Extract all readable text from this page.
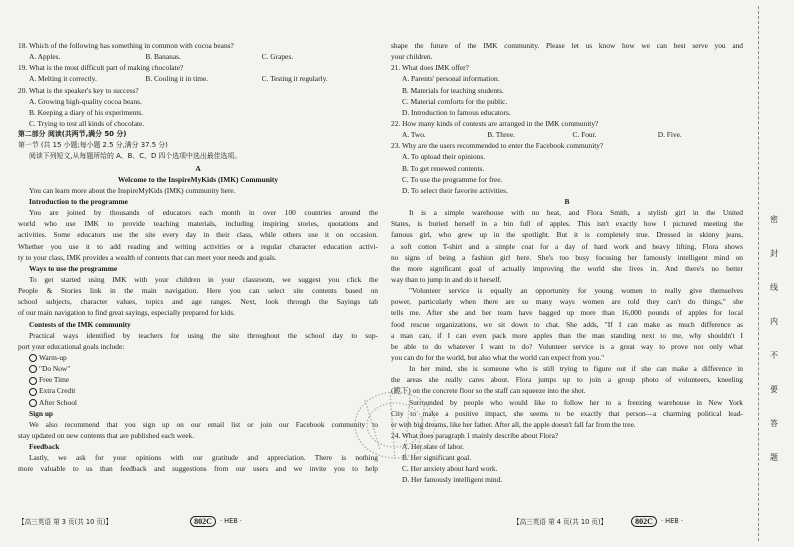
18. Which of the following has something in common with cocoa beans?
A. Apples.	B. Bananas.	C. Grapes.
19. What is the most difficult part of making chocolate?
A. Melting it correctly.	B. Cooling it in time.	C. Testing it regularly.
20. What is the speaker's key to success?
A. Growing high-quality cocoa beans.
B. Keeping a diary of his experiments.
C. Trying to test all kinds of chocolate.
第二部分 阅读(共两节,满分 50 分)
第一节 (共 15 小题;每小题 2.5 分,满分 37.5 分)
阅读下列短文,从每题所给的 A、B、C、D 四个选项中选出最佳选项。
A
Welcome to the InspireMyKids (IMK) Community
You can learn more about the InspireMyKids (IMK) community here.
Introduction to the programme
You are joined by thousands of educators each month in over 100 countries around the
world who use IMK to provide teaching materials, including inspiring stories, quotations and
activities. Some educators use the site every day in their class, while others use it on occasion.
Whether you use it to add reading and writing activities or a regular character education activi-
ty to your class, IMK provides a wealth of contents that can meet your needs and goals.
Ways to use the programme
To get started using IMK with your children in your classroom, we suggest you click the
People & Stories link in the main navigation. Here you can select site contents based on
school subjects, character values, topics and age ranges. Next, look through the Sayings tab
of our main navigation to find great sayings, especially prepared for kids.
Contests of the IMK community
Practical ways identified by teachers for using the site throughout the school day to sup-
port your educational goals include:
Warm-up
"Do Now"
Free Time
Extra Credit
After School
Sign up
We also recommend that you sign up on our email list or join our Facebook community to
stay updated on new contents that are published each week.
Feedback
Lastly, we ask for your opinions with our gratitude and appreciation. There is nothing
more valuable to us than feedback and suggestions from our users and we invite you to help
【高三英语 第 3 页(共 10 页)】	802C	· HEB ·
shape the future of the IMK community. Please let us know how we can best serve you and
your children.
21. What does IMK offer?
A. Parents' personal information.
B. Materials for teaching students.
C. Material comforts for the public.
D. Introduction to famous educators.
22. How many kinds of contests are arranged in the IMK community?
A. Two.	B. Three.	C. Four.	D. Five.
23. Why are the users recommended to enter the Facebook community?
A. To upload their opinions.
B. To get renewed contents.
C. To use the programme for free.
D. To select their favorite activities.
B
It is a simple warehouse with no heat, and Flora Smith, a stylish girl in the United
States, is buried herself in a bin full of apples. This isn't exactly how I pictured meeting the
famous girl, who grew up in the spotlight. But it is completely true. Dressed in skinny jeans,
a soft cotton T-shirt and a simple coat for a day of hard work and heavy lifting, Flora shows
no signs of being a fashion girl here. She's too busy focusing her famously intelligent mind on
the more significant goal of actually improving the world she lives in. And there's no better
way than to jump in and do it herself.
"Volunteer service is equally an opportunity for young women to really give themselves
power, particularly when there are so many ways women are told they can't do things," she
tells me. After she and her team have bagged up more than 16,000 pounds of apples for local
food rescue organizations, we sit down to chat. She adds, "If I can make as much difference as
a man can, if I can even pack more apples than the man standing next to me, why shouldn't I
be able to do whatever I want to do? Volunteer service is a great way to prove not only what
you can do for the world, but also what the world can expect from you."
In her mind, she is someone who is still trying to figure out if she can make a difference in
the areas she really cares about. Flora jumps up to join a group photo of volunteers, kneeling
(跪下) on the concrete floor so the staff can squeeze into the shot.
Surrounded by people who would like to follow her to a freezing warehouse in New York
City to make a positive impact, she seems to be exactly that person—a charming political lead-
er with big dreams, like her father. After all, the apple doesn't fall far from the tree.
24. What does paragraph 1 mainly describe about Flora?
A. Her state of labor.
B. Her significant goal.
C. Her anxiety about hard work.
D. Her famously intelligent mind.
【高三英语 第 4 页(共 10 页)】	802C	· HEB ·
密
封
线
内
不
要
答
题
